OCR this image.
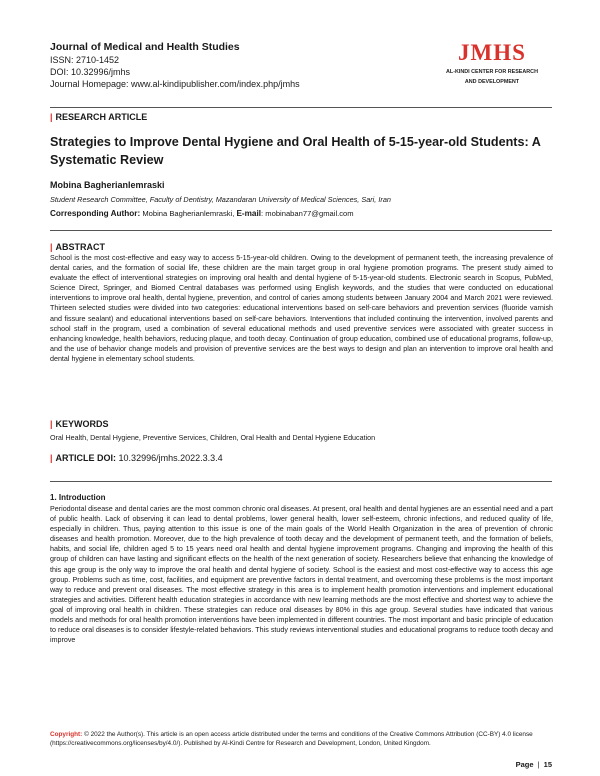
Journal of Medical and Health Studies
ISSN: 2710-1452
DOI: 10.32996/jmhs
Journal Homepage: www.al-kindipublisher.com/index.php/jmhs
JMHS
AL-KINDI CENTER FOR RESEARCH
AND DEVELOPMENT
| RESEARCH ARTICLE
Strategies to Improve Dental Hygiene and Oral Health of 5-15-year-old Students: A Systematic Review
Mobina Bagherianlemraski
Student Research Committee, Faculty of Dentistry, Mazandaran University of Medical Sciences, Sari, Iran
Corresponding Author: Mobina Bagherianlemraski, E-mail: mobinaban77@gmail.com
| ABSTRACT
School is the most cost-effective and easy way to access 5-15-year-old children. Owing to the development of permanent teeth, the increasing prevalence of dental caries, and the formation of social life, these children are the main target group in oral hygiene promotion programs. The present study aimed to evaluate the effect of interventional strategies on improving oral health and dental hygiene of 5-15-year-old students. Electronic search in Scopus, PubMed, Science Direct, Springer, and Biomed Central databases was performed using English keywords, and the studies that were conducted on educational interventions to improve oral health, dental hygiene, prevention, and control of caries among students between January 2004 and March 2021 were reviewed. Thirteen selected studies were divided into two categories: educational interventions based on self-care behaviors and prevention services (fluoride varnish and fissure sealant) and educational interventions based on self-care behaviors. Interventions that included continuing the intervention, involved parents and school staff in the program, used a combination of several educational methods and used preventive services were associated with greater success in enhancing knowledge, health behaviors, reducing plaque, and tooth decay. Continuation of group education, combined use of educational programs, follow-up, and the use of behavior change models and provision of preventive services are the best ways to design and plan an intervention to improve oral health and dental hygiene in elementary school students.
| KEYWORDS
Oral Health, Dental Hygiene, Preventive Services, Children, Oral Health and Dental Hygiene Education
| ARTICLE DOI: 10.32996/jmhs.2022.3.3.4
1. Introduction
Periodontal disease and dental caries are the most common chronic oral diseases. At present, oral health and dental hygienes are an essential need and a part of public health. Lack of observing it can lead to dental problems, lower general health, lower self-esteem, chronic infections, and reduced quality of life, especially in children. Thus, paying attention to this issue is one of the main goals of the World Health Organization in the area of prevention of chronic diseases and health promotion. Moreover, due to the high prevalence of tooth decay and the development of permanent teeth, and the formation of beliefs, habits, and social life, children aged 5 to 15 years need oral health and dental hygiene improvement programs. Changing and improving the health of this group of children can have lasting and significant effects on the health of the next generation of society. Researchers believe that enhancing the knowledge of this age group is the only way to improve the oral health and dental hygiene of society. School is the easiest and most cost-effective way to access this age group. Problems such as time, cost, facilities, and equipment are preventive factors in dental treatment, and overcoming these problems is the most important way to reduce and prevent oral diseases. The most effective strategy in this area is to implement health promotion interventions and implement educational strategies and activities. Different health education strategies in accordance with new learning methods are the most effective and shortest way to achieve the goal of improving oral health in children. These strategies can reduce oral diseases by 80% in this age group. Several studies have indicated that various models and methods for oral health promotion interventions have been implemented in different countries. The most important and basic principle of education to reduce oral diseases is to consider lifestyle-related behaviors. This study reviews interventional studies and educational programs to reduce tooth decay and improve
Copyright: © 2022 the Author(s). This article is an open access article distributed under the terms and conditions of the Creative Commons Attribution (CC-BY) 4.0 license (https://creativecommons.org/licenses/by/4.0/). Published by Al-Kindi Centre for Research and Development, London, United Kingdom.
Page | 15
